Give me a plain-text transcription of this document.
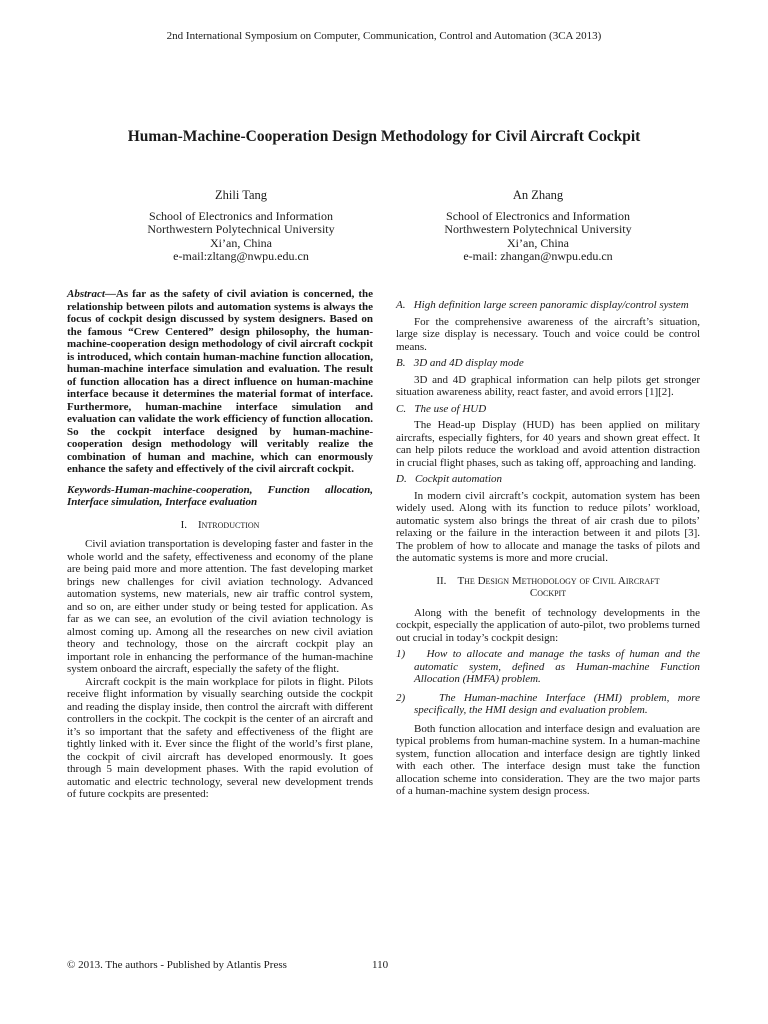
2nd International Symposium on Computer, Communication, Control and Automation (3CA 2013)
Human-Machine-Cooperation Design Methodology for Civil Aircraft Cockpit
Zhili Tang
School of Electronics and Information
Northwestern Polytechnical University
Xi’an, China
e-mail:zltang@nwpu.edu.cn
An Zhang
School of Electronics and Information
Northwestern Polytechnical University
Xi’an, China
e-mail: zhangan@nwpu.edu.cn

Abstract—As far as the safety of civil aviation is concerned, the relationship between pilots and automation systems is always the focus of cockpit design discussed by system designers. Based on the famous “Crew Centered” design philosophy, the human-machine-cooperation design methodology of civil aircraft cockpit is introduced, which contain human-machine function allocation, human-machine interface simulation and evaluation. The result of function allocation has a direct influence on human-machine interface because it determines the material format of interface. Furthermore, human-machine interface simulation and evaluation can validate the work efficiency of function allocation. So the cockpit interface designed by human-machine-cooperation design methodology will veritably realize the combination of human and machine, which can enormously enhance the safety and effectively of the civil aircraft cockpit.

Keywords-Human-machine-cooperation, Function allocation, Interface simulation, Interface evaluation

I. Introduction

Civil aviation transportation is developing faster and faster in the whole world and the safety, effectiveness and economy of the plane are being paid more and more attention. The fast developing market brings new challenges for civil aviation technology. Advanced automation systems, new materials, new air traffic control system, and so on, are either under study or being tested for application. As far as we can see, an evolution of the civil aviation technology is almost coming up. Among all the researches on new civil aviation theory and technology, those on the aircraft cockpit play an important role in enhancing the performance of the human-machine system onboard the aircraft, especially the safety of the flight.

Aircraft cockpit is the main workplace for pilots in flight. Pilots receive flight information by visually searching outside the cockpit and reading the display inside, then control the aircraft with different controllers in the cockpit. The cockpit is the center of an aircraft and it’s so important that the safety and effectiveness of the flight are tightly linked with it. Ever since the flight of the world’s first plane, the cockpit of civil aircraft has developed enormously. It goes through 5 main development phases. With the rapid evolution of automatic and electric technology, several new development trends of future cockpits are presented:

A. High definition large screen panoramic display/control system

For the comprehensive awareness of the aircraft’s situation, large size display is necessary. Touch and voice could be control means.

B. 3D and 4D display mode

3D and 4D graphical information can help pilots get stronger situation awareness ability, react faster, and avoid errors [1][2].

C. The use of HUD

The Head-up Display (HUD) has been applied on military aircrafts, especially fighters, for 40 years and shown great effect. It can help pilots reduce the workload and avoid attention distraction in crucial flight phases, such as taking off, approaching and landing.

D. Cockpit automation

In modern civil aircraft’s cockpit, automation system has been widely used. Along with its function to reduce pilots’ workload, automatic system also brings the threat of air crash due to pilots’ relaxing or the failure in the interaction between it and pilots [3]. The problem of how to allocate and manage the tasks of pilots and the automatic systems is more and more crucial.

II. The Design Methodology of Civil Aircraft
Cockpit

Along with the benefit of technology developments in the cockpit, especially the application of auto-pilot, two problems turned out crucial in today’s cockpit design:

1) How to allocate and manage the tasks of human and the automatic system, defined as Human-machine Function Allocation (HMFA) problem.
2)	The Human-machine Interface (HMI) problem, more specifically, the HMI design and evaluation problem.

Both function allocation and interface design and evaluation are typical problems from human-machine system. In a human-machine system, function allocation and interface design are tightly linked with each other. The interface design must take the function allocation scheme into consideration. They are the two major parts of a human-machine system design process.

© 2013. The authors - Published by Atlantis Press	110
